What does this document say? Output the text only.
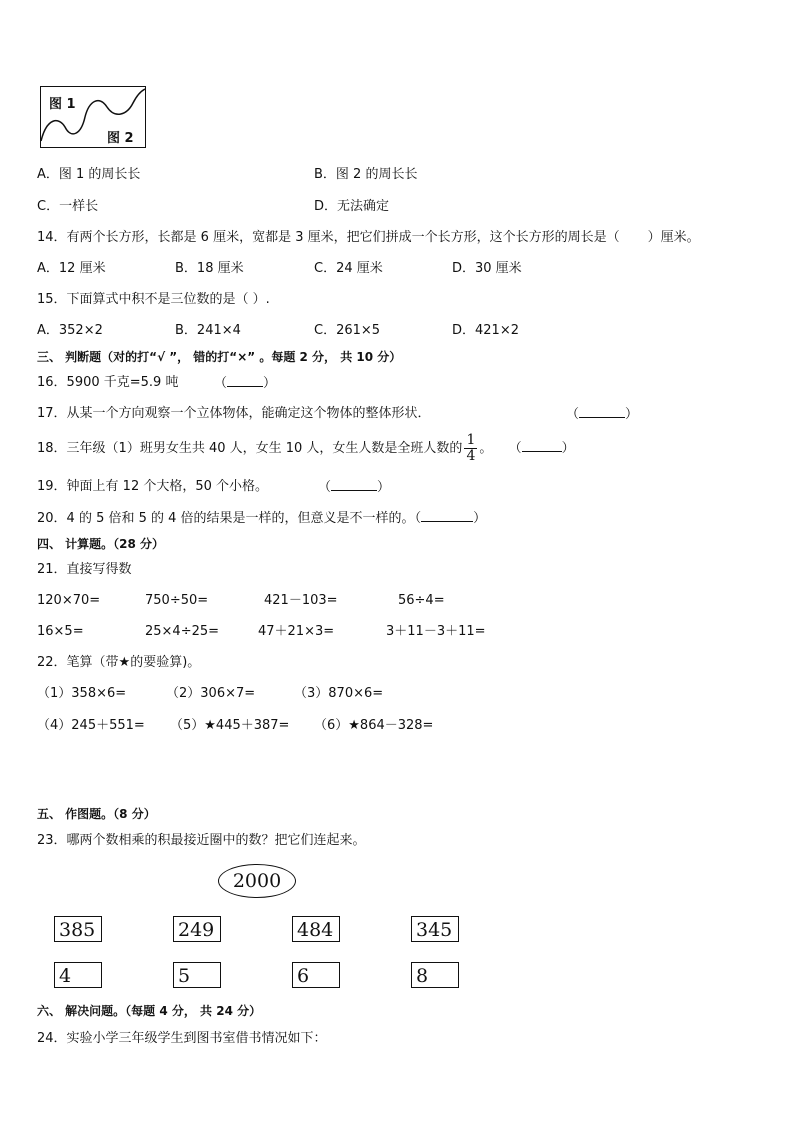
图 1
图 2
A．图 1 的周长长	B．图 2 的周长长
C．一样长	D．无法确定
14．有两个长方形，长都是 6 厘米，宽都是 3 厘米，把它们拼成一个长方形，这个长方形的周长是（ ）厘米。
A．12 厘米	B．18 厘米	C．24 厘米	D．30 厘米
15．下面算式中积不是三位数的是（ ）.
A．352×2	B．241×4	C．261×5	D．421×2
三、 判断题（对的打“√ ”， 错的打“×” 。每题 2 分， 共 10 分）
16．5900 千克=5.9 吨	（	）
17．从某一个方向观察一个立体物体，能确定这个物体的整体形状．	（	）
18．三年级（1）班男女生共 40 人，女生 10 人，女生人数是全班人数的 $\frac{1}{4}$ 。 （	）
19．钟面上有 12 个大格，50 个小格。	（	）
20．4 的 5 倍和 5 的 4 倍的结果是一样的，但意义是不一样的。（	）
四、 计算题。（28 分）
21．直接写得数
120×70=	750÷50=	421－103=	56÷4=
16×5=	25×4÷25=	47＋21×3=	3＋11－3＋11=
22．笔算（带★的要验算)。
（1）358×6=	（2）306×7=	（3）870×6=
（4）245＋551= （5）★445＋387= （6）★864－328=
五、 作图题。（8 分）
23．哪两个数相乘的积最接近圈中的数？把它们连起来。
2000
385	249	484	345
4	5	6	8
六、 解决问题。（每题 4 分， 共 24 分）
24．实验小学三年级学生到图书室借书情况如下：
